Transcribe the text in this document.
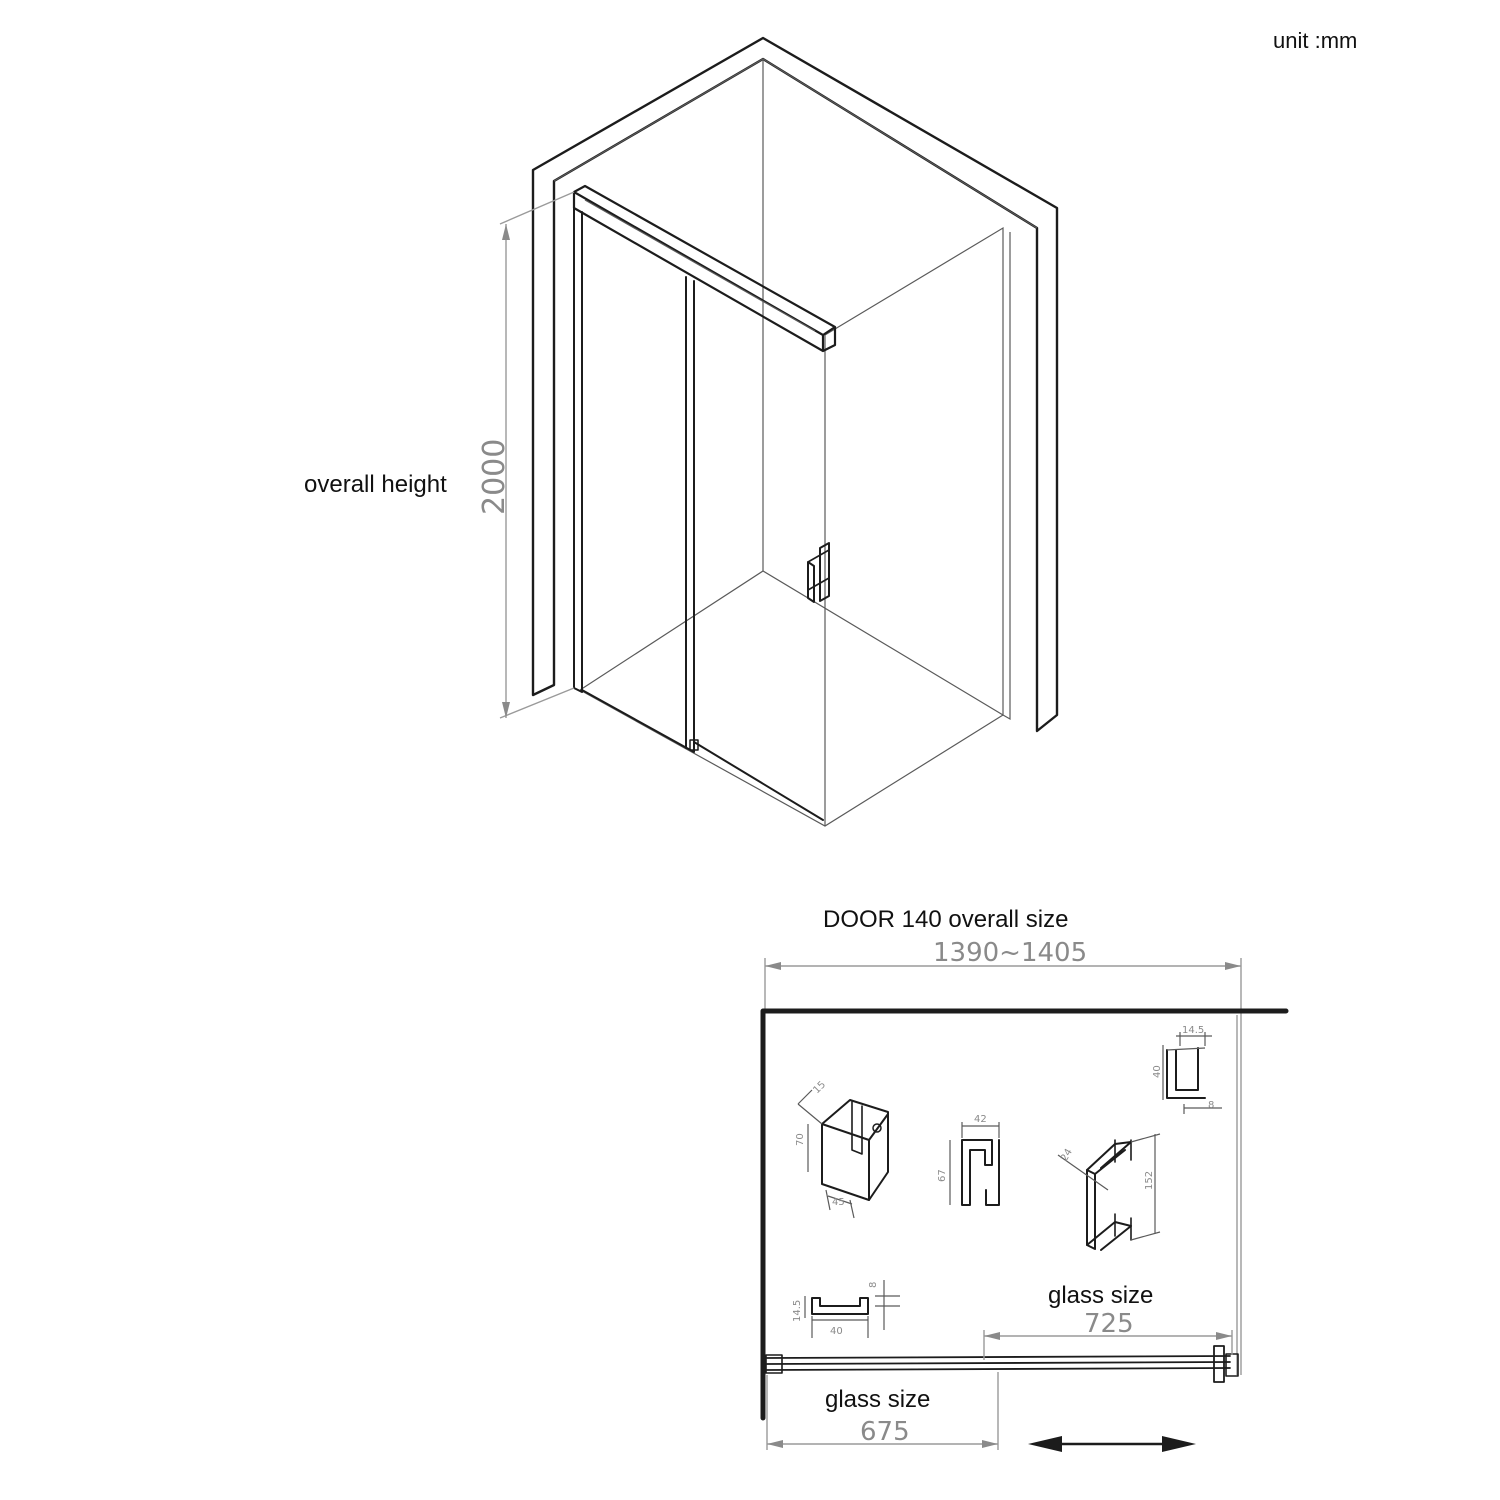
unit :mm
2000
overall height
DOOR 140 overall size
1390~1405
15
70
45
42
67
24
152
14.5
40
8
14.5
40
8	glass size
725
glass size
675
